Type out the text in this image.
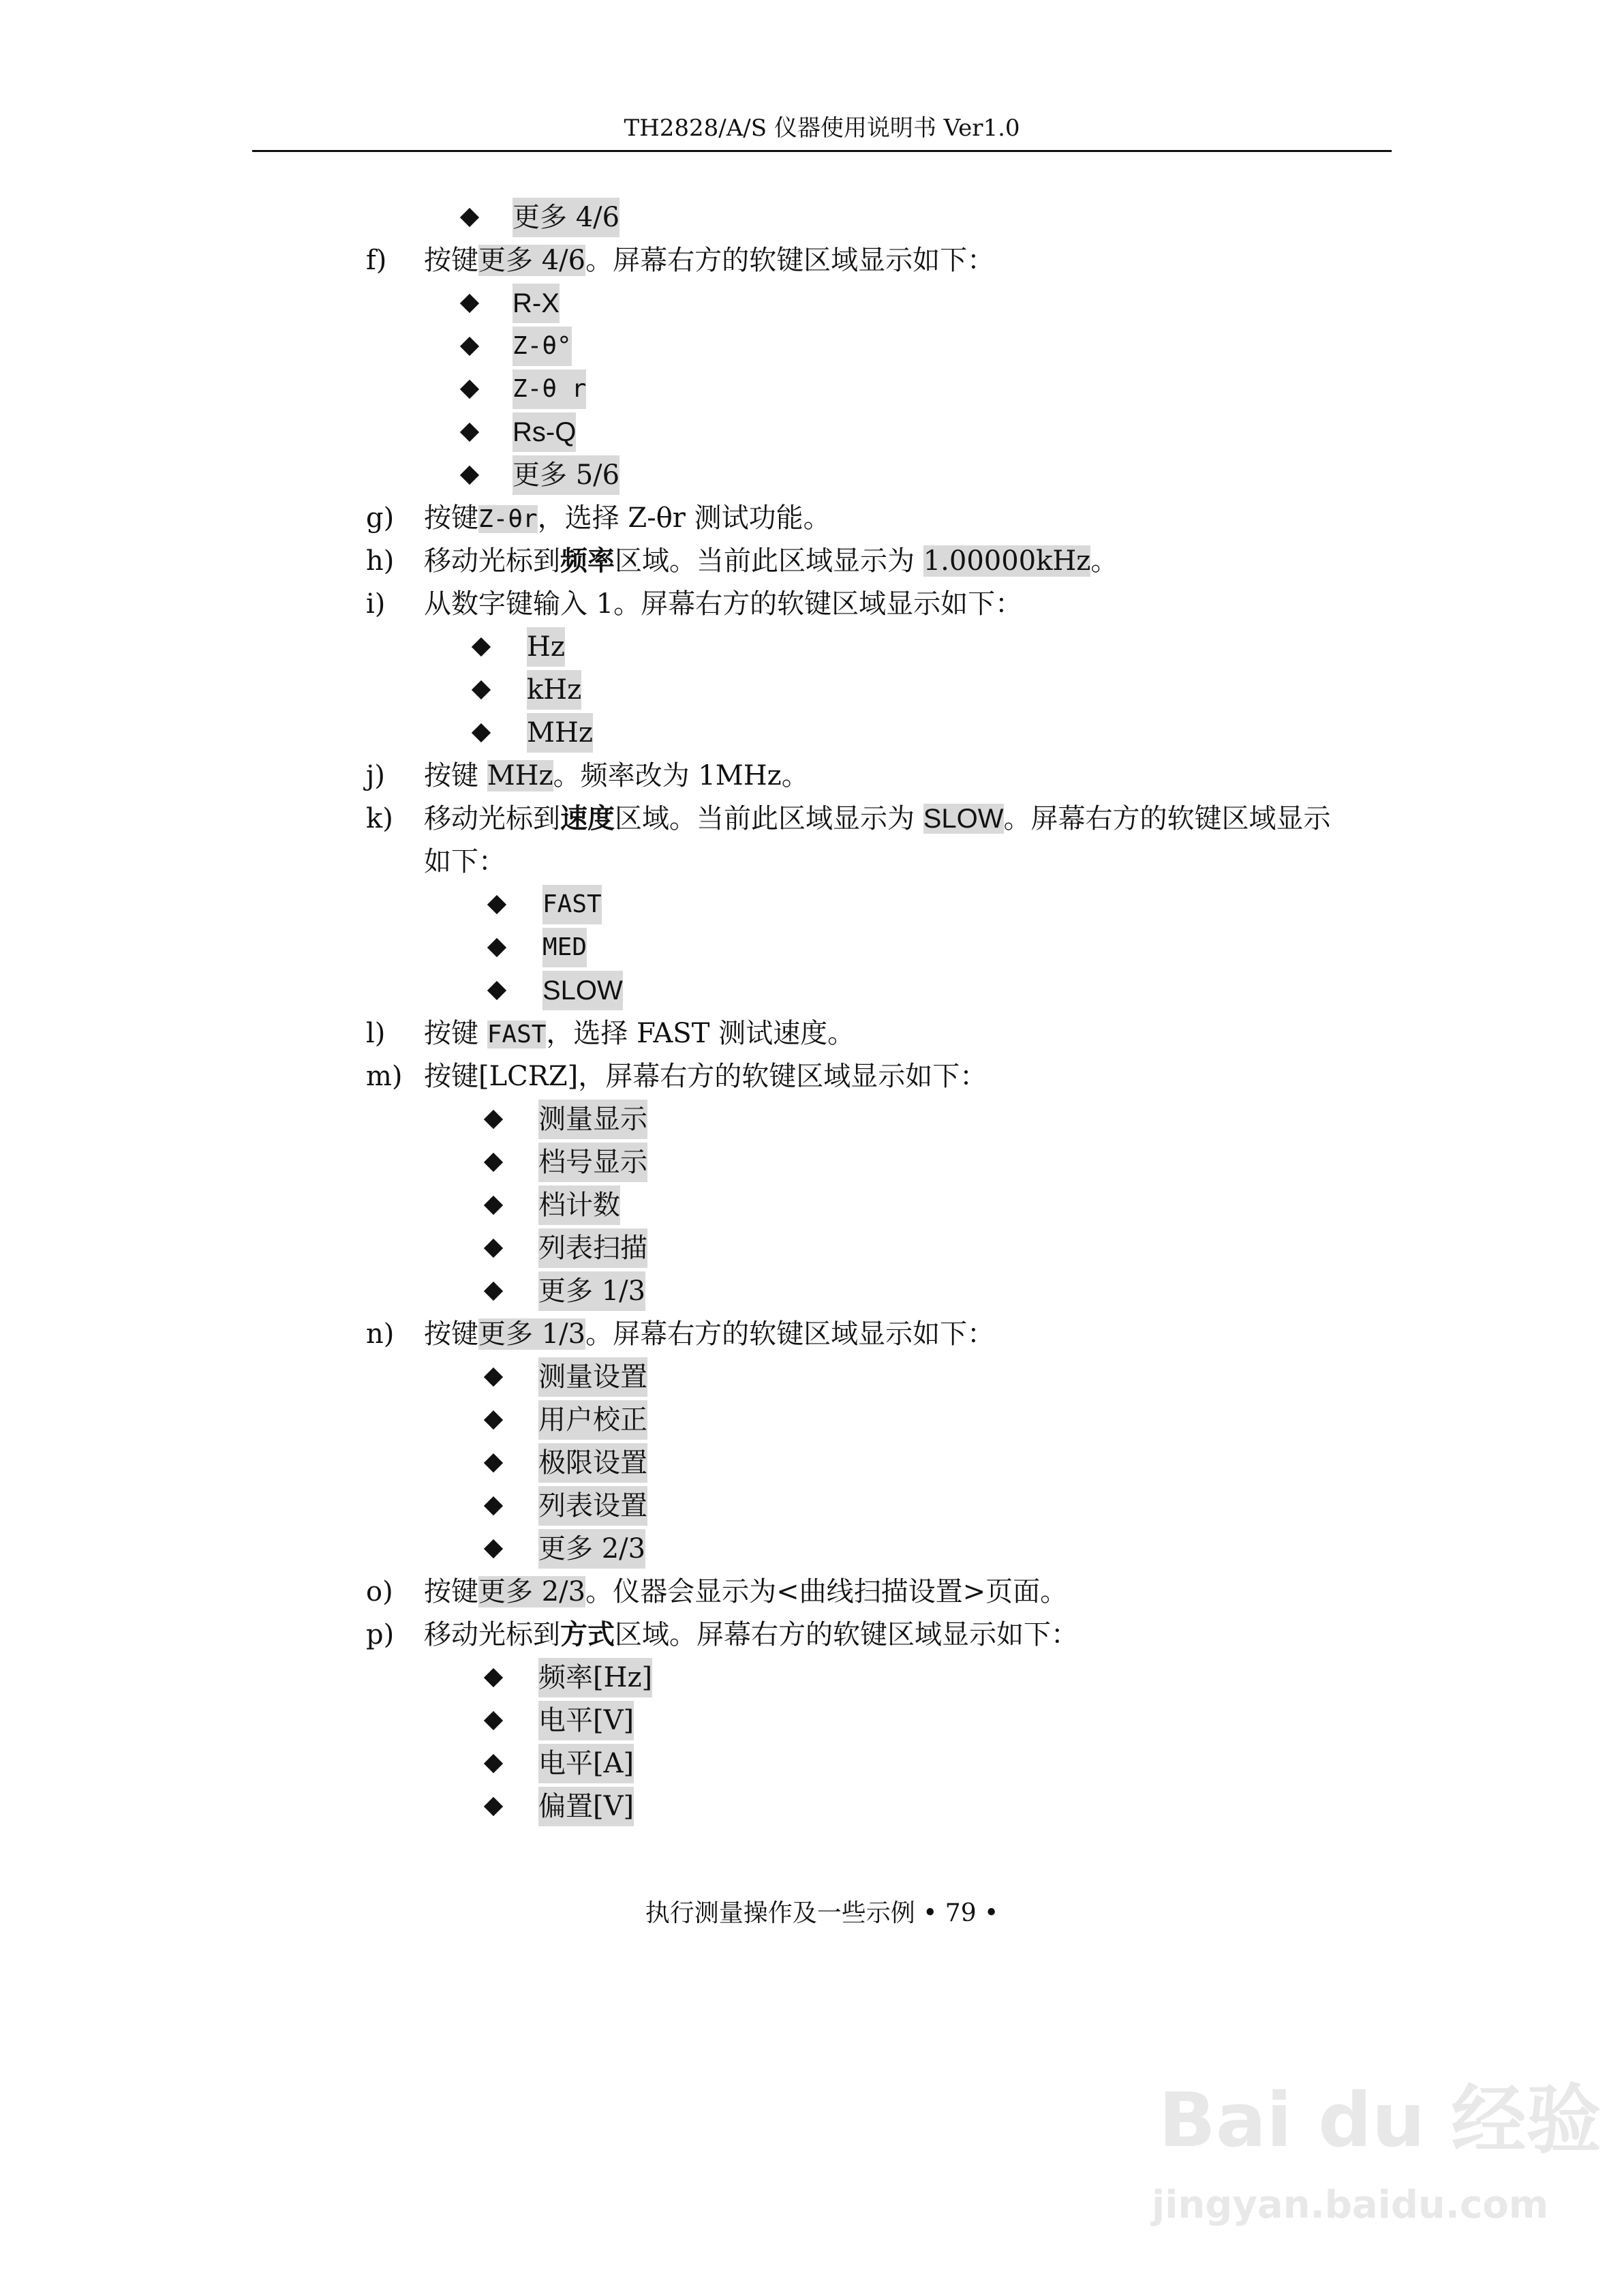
TH2828/A/S 仪器使用说明书 Ver1.0
更多 4/6
f) 按键更多 4/6。屏幕右方的软键区域显示如下：
R-X
Z-θ°
Z-θ r
Rs-Q
更多 5/6
g) 按键Z-θr，选择 Z-θr 测试功能。
h) 移动光标到频率区域。当前此区域显示为 1.00000kHz。
i) 从数字键输入 1。屏幕右方的软键区域显示如下：
Hz
kHz
MHz
j) 按键 MHz。频率改为 1MHz。
k) 移动光标到速度区域。当前此区域显示为 SLOW。屏幕右方的软键区域显示
如下：
FAST
MED
SLOW
l) 按键 FAST，选择 FAST 测试速度。
m) 按键[LCRZ]，屏幕右方的软键区域显示如下：
测量显示
档号显示
档计数
列表扫描
更多 1/3
n) 按键更多 1/3。屏幕右方的软键区域显示如下：
测量设置
用户校正
极限设置
列表设置
更多 2/3
o) 按键更多 2/3。仪器会显示为<曲线扫描设置>页面。
p) 移动光标到方式区域。屏幕右方的软键区域显示如下：
频率[Hz]
电平[V]
电平[A]
偏置[V]
执行测量操作及一些示例 • 79 •
Bai du 经验
jingyan.baidu.com
